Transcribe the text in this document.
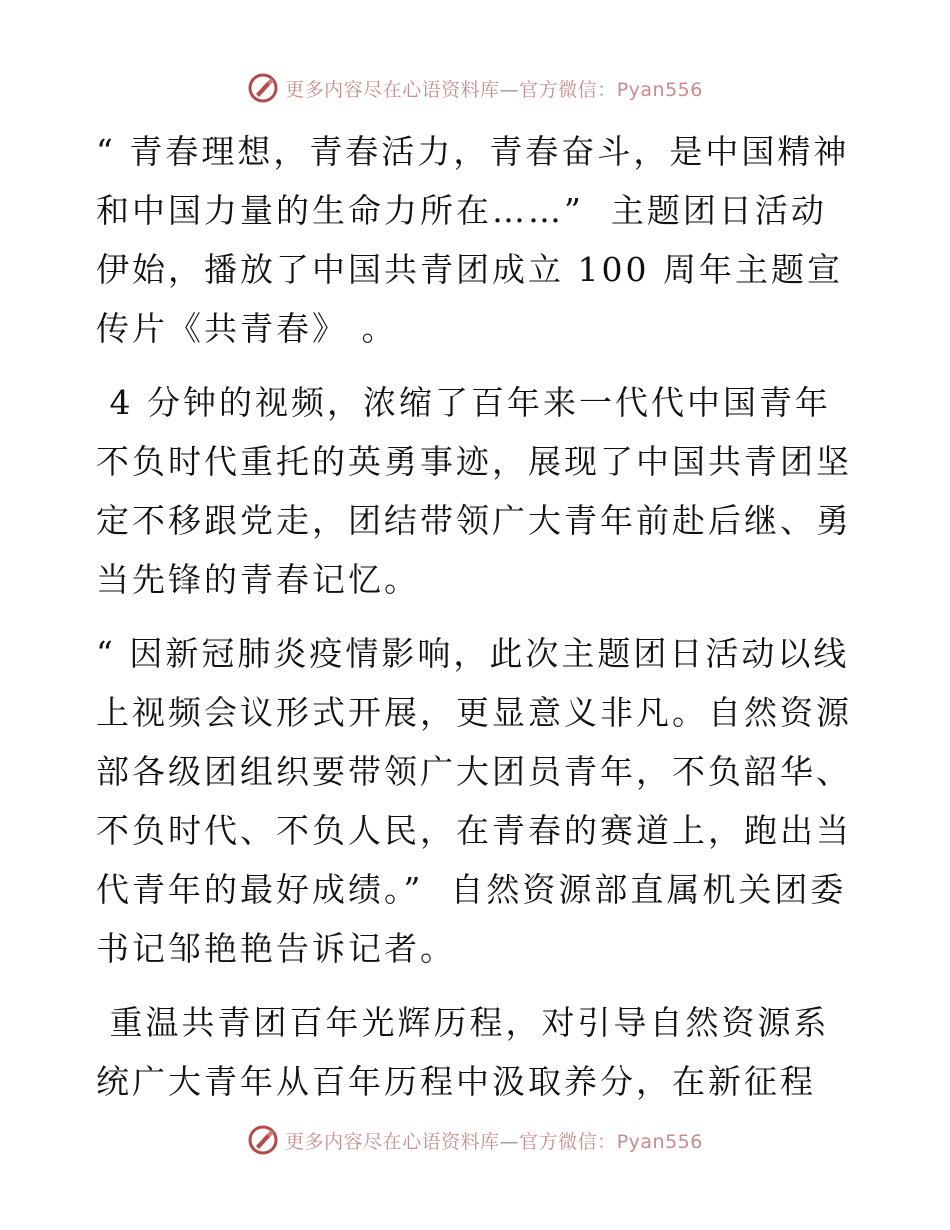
更多内容尽在心语资料库—官方微信：Pyan556

“ 青春理想，青春活力，青春奋斗，是中国精神和中国力量的生命力所在……”  主题团日活动伊始，播放了中国共青团成立 100 周年主题宣传片《共青春》 。

4 分钟的视频，浓缩了百年来一代代中国青年不负时代重托的英勇事迹，展现了中国共青团坚定不移跟党走，团结带领广大青年前赴后继、勇当先锋的青春记忆。

“ 因新冠肺炎疫情影响，此次主题团日活动以线上视频会议形式开展，更显意义非凡。自然资源部各级团组织要带领广大团员青年，不负韶华、不负时代、不负人民，在青春的赛道上，跑出当代青年的最好成绩。”  自然资源部直属机关团委书记邹艳艳告诉记者。

重温共青团百年光辉历程，对引导自然资源系统广大青年从百年历程中汲取养分，在新征程

更多内容尽在心语资料库—官方微信：Pyan556
